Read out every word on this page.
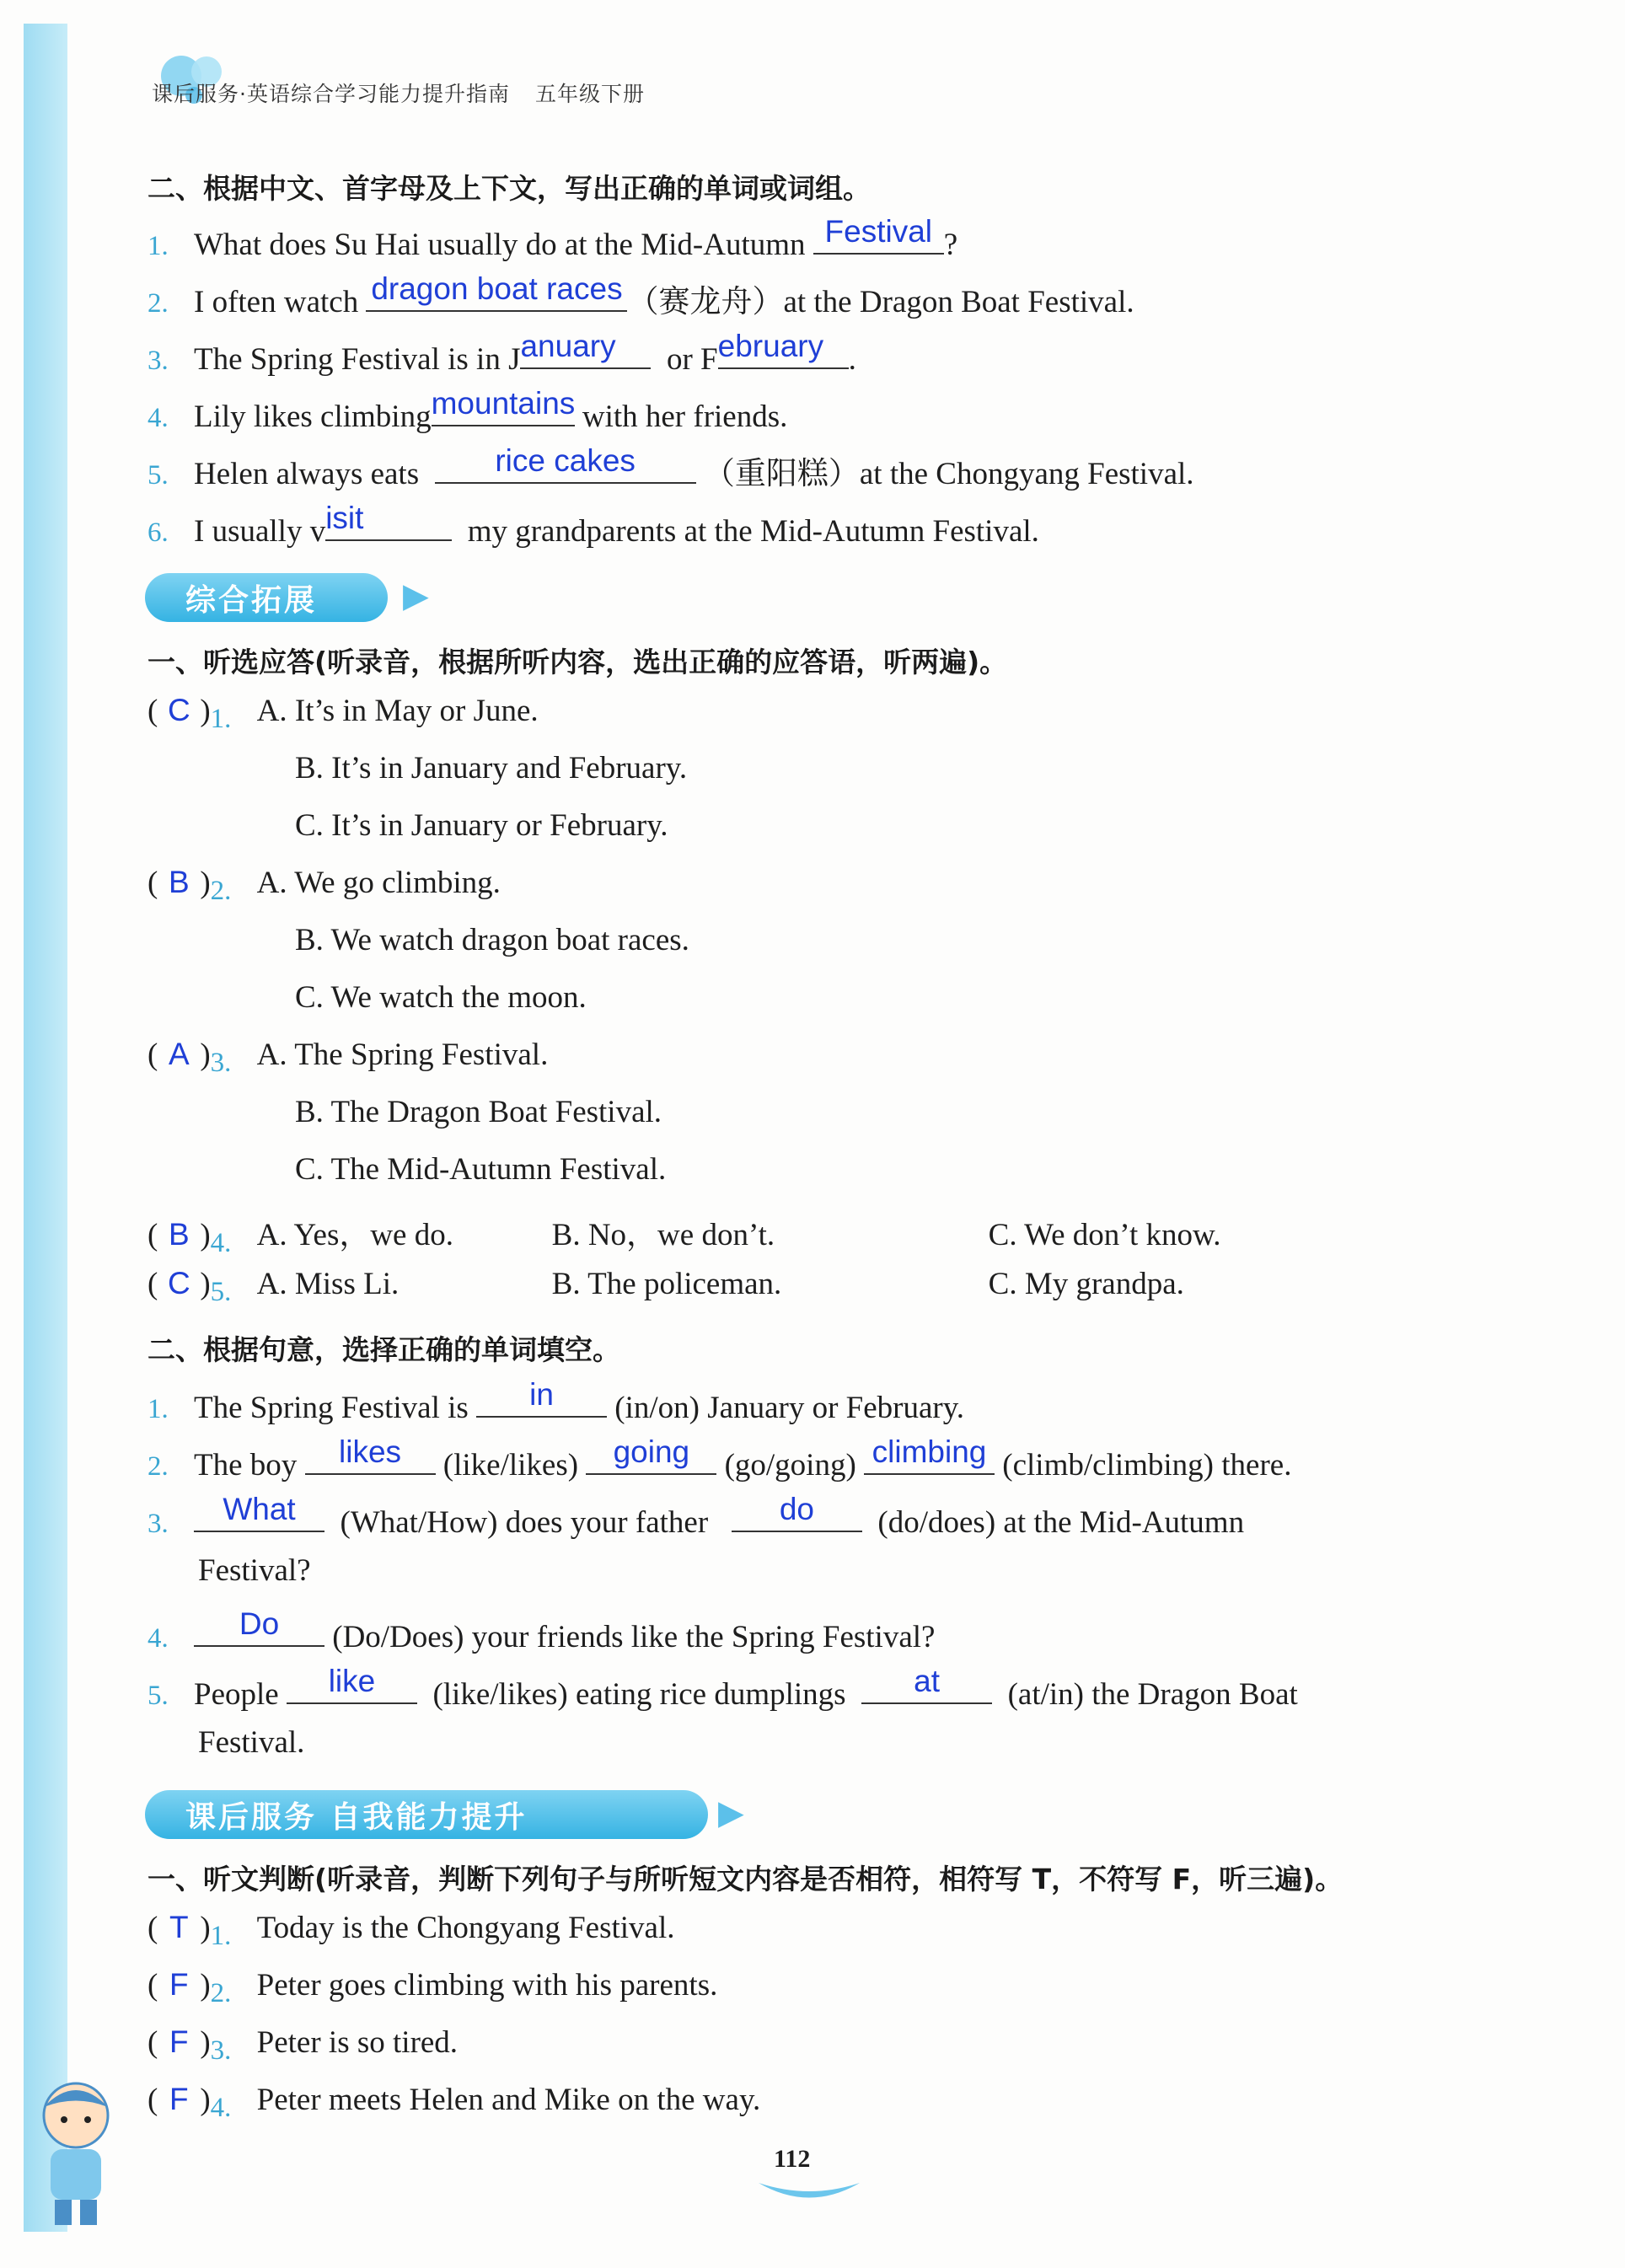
课后服务·英语综合学习能力提升指南 五年级下册
二、根据中文、首字母及上下文，写出正确的单词或词组。
1. What does Su Hai usually do at the Mid-Autumn
Festival ?
2. I often watch
dragon boat races （赛龙舟）at the Dragon Boat Festival.
3. The Spring Festival is in J anuary
	or F ebruary .
4. Lily likes climbing mountains
with her friends.
5. Helen always eats
	rice cakes
	（重阳糕）at the Chongyang Festival.
6. I usually v isit
	my grandparents at the Mid-Autumn Festival.
综合拓展	▶
一、听选应答(听录音，根据所听内容，选出正确的应答语，听两遍)。
( C ) 1. A. It’s in May or June.
B. It’s in January and February.
C. It’s in January or February.
( B ) 2. A. We go climbing.
B. We watch dragon boat races.
C. We watch the moon.
( A ) 3. A. The Spring Festival.
B. The Dragon Boat Festival.
C. The Mid-Autumn Festival.
( B ) 4. A. Yes，we do.	B. No，we don’t.	C. We don’t know.
( C ) 5. A. Miss Li.	B. The policeman.	C. My grandpa.
二、根据句意，选择正确的单词填空。
1. The Spring Festival is
	in
	(in/on) January or February.
2. The boy
	likes
	(like/likes)
	going
	(go/going)
climbing
(climb/climbing) there.
3.	What
	(What/How) does your father
	do
	(do/does) at the Mid-Autumn
Festival?
4.	Do
	(Do/Does) your friends like the Spring Festival?
5. People
	like
	(like/likes) eating rice dumplings
	at
	(at/in) the Dragon Boat
Festival.
课后服务 自我能力提升	▶
一、听文判断(听录音，判断下列句子与所听短文内容是否相符，相符写 T，不符写 F，听三遍)。
( T ) 1. Today is the Chongyang Festival.
( F ) 2. Peter goes climbing with his parents.
( F ) 3. Peter is so tired.
( F ) 4. Peter meets Helen and Mike on the way.
112
